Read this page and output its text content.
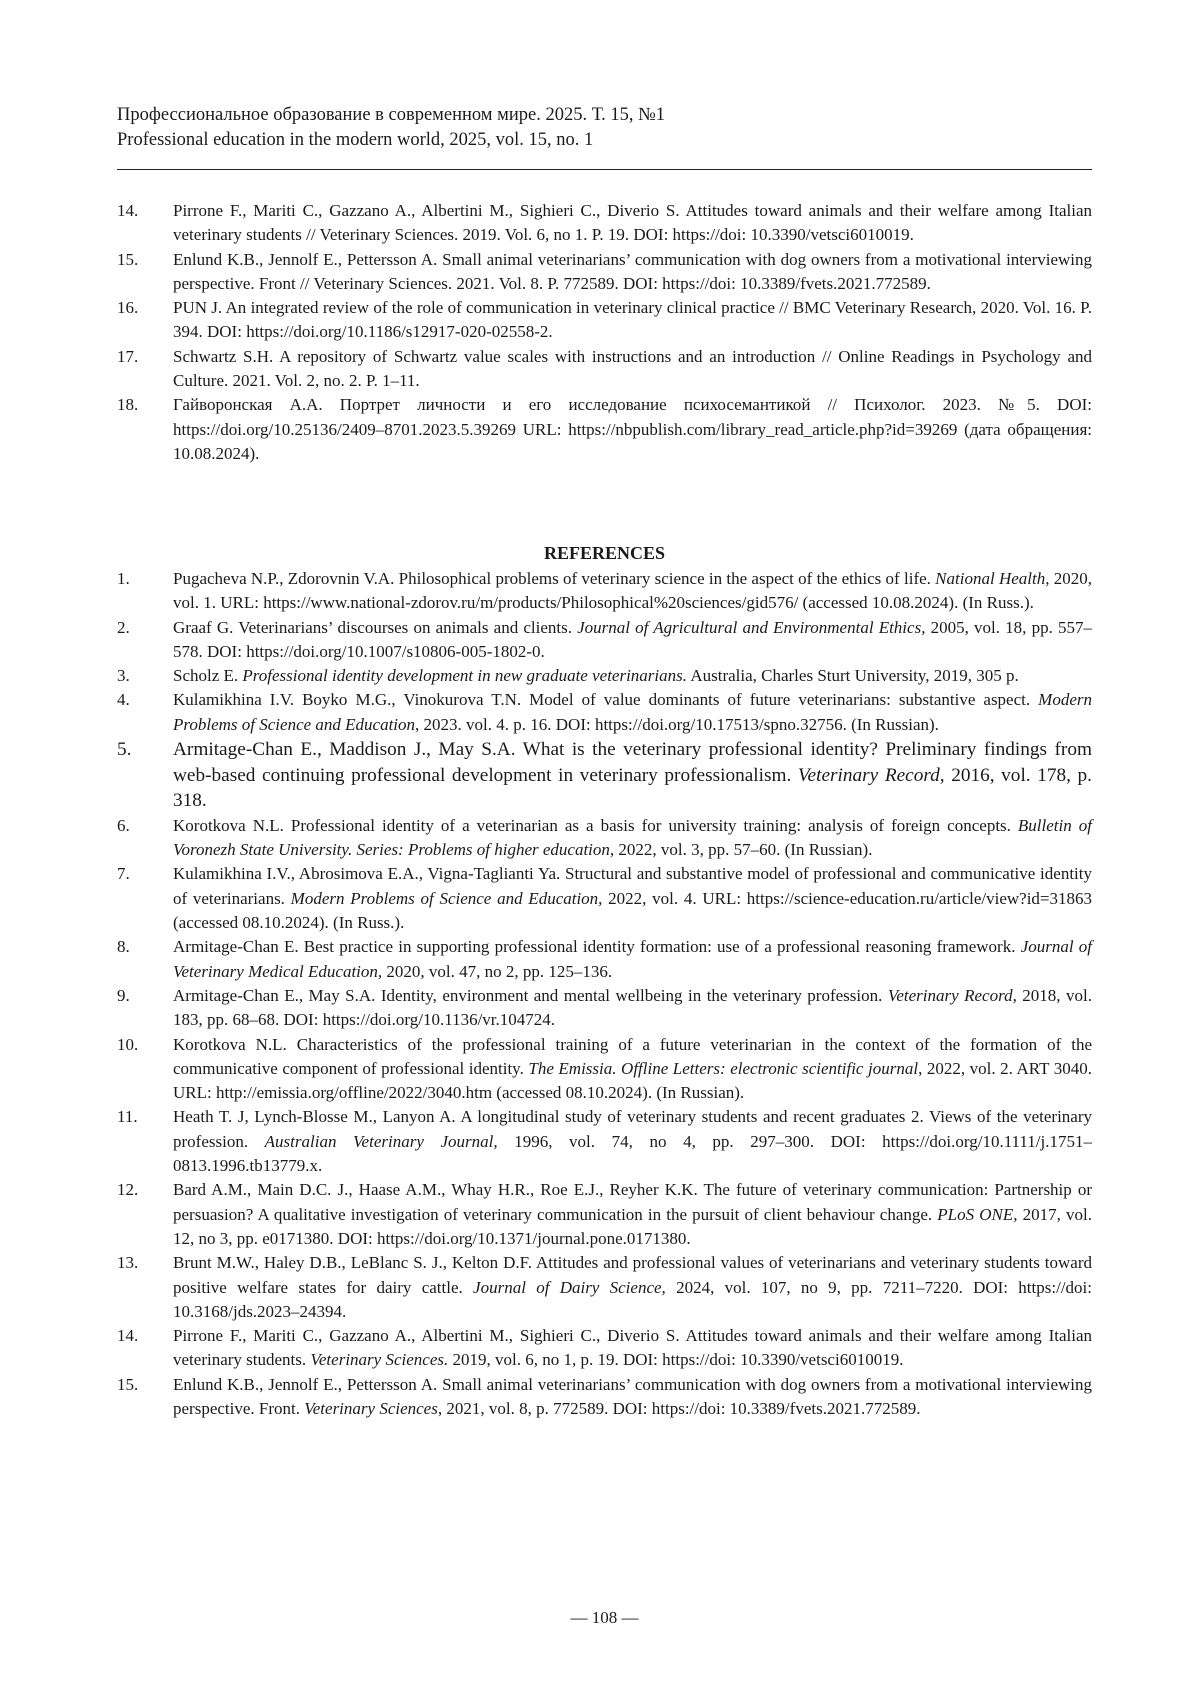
Профессиональное образование в современном мире. 2025. Т. 15, №1
Professional education in the modern world, 2025, vol. 15, no. 1

14. Pirrone F., Mariti C., Gazzano A., Albertini M., Sighieri C., Diverio S. Attitudes toward animals and their welfare among Italian veterinary students // Veterinary Sciences. 2019. Vol. 6, no 1. P. 19. DOI: https://doi: 10.3390/vetsci6010019.

15. Enlund K.B., Jennolf E., Pettersson A. Small animal veterinarians’ communication with dog owners from a motivational interviewing perspective. Front // Veterinary Sciences. 2021. Vol. 8. P. 772589. DOI: https://doi: 10.3389/fvets.2021.772589.

16. PUN J. An integrated review of the role of communication in veterinary clinical practice // BMC Veterinary Research, 2020. Vol. 16. P. 394. DOI: https://doi.org/10.1186/s12917-020-02558-2.

17. Schwartz S.H. A repository of Schwartz value scales with instructions and an introduction // Online Readings in Psychology and Culture. 2021. Vol. 2, no. 2. P. 1–11.

18. Гайворонская А.А. Портрет личности и его исследование психосемантикой // Психолог. 2023. №5. DOI: https://doi.org/10.25136/2409–8701.2023.5.39269 URL: https://nbpublish.com/library_read_article.php?id=39269 (дата обращения: 10.08.2024).

REFERENCES

1.	Pugacheva N.P., Zdorovnin V.A. Philosophical problems of veterinary science in the aspect of the ethics of life. National Health, 2020, vol. 1. URL: https://www.national-zdorov.ru/m/products/Philosophical%20sciences/gid576/ (accessed 10.08.2024). (In Russ.).

2.	Graaf G. Veterinarians’ discourses on animals and clients. Journal of Agricultural and Environmental Ethics, 2005, vol. 18, pp. 557–578. DOI: https://doi.org/10.1007/s10806-005-1802-0.

3.	Scholz E. Professional identity development in new graduate veterinarians. Australia, Charles Sturt University, 2019, 305 p.

4.	Kulamikhina I.V. Boyko M.G., Vinokurova T.N. Model of value dominants of future veterinarians: substantive aspect. Modern Problems of Science and Education, 2023. vol. 4. p. 16. DOI: https://doi.org/10.17513/spno.32756. (In Russian).

5. Armitage-Chan E., Maddison J., May S.A. What is the veterinary professional identity? Preliminary findings from web-based continuing professional development in veterinary professionalism. Veterinary Record, 2016, vol. 178, p. 318.

6.	Korotkova N.L. Professional identity of a veterinarian as a basis for university training: analysis of foreign concepts. Bulletin of Voronezh State University. Series: Problems of higher education, 2022, vol. 3, pp. 57–60. (In Russian).

7.	Kulamikhina I.V., Abrosimova E.A., Vigna-Taglianti Ya. Structural and substantive model of professional and communicative identity of veterinarians. Modern Problems of Science and Education, 2022, vol. 4. URL: https://science-education.ru/article/view?id=31863 (accessed 08.10.2024). (In Russ.).

8.	Armitage-Chan E. Best practice in supporting professional identity formation: use of a professional reasoning framework. Journal of Veterinary Medical Education, 2020, vol. 47, no 2, pp. 125–136.

9.	Armitage-Chan E., May S.A. Identity, environment and mental wellbeing in the veterinary profession. Veterinary Record, 2018, vol. 183, pp. 68–68. DOI: https://doi.org/10.1136/vr.104724.

10. Korotkova N.L. Characteristics of the professional training of a future veterinarian in the context of the formation of the communicative component of professional identity. The Emissia. Offline Letters: electronic scientific journal, 2022, vol. 2. ART 3040. URL: http://emissia.org/offline/2022/3040.htm (accessed 08.10.2024). (In Russian).

11. Heath T. J, Lynch-Blosse M., Lanyon A. A longitudinal study of veterinary students and recent graduates 2. Views of the veterinary profession. Australian Veterinary Journal, 1996, vol. 74, no 4, pp. 297–300. DOI: https://doi.org/10.1111/j.1751–0813.1996.tb13779.x.

12. Bard A.M., Main D.C. J., Haase A.M., Whay H.R., Roe E.J., Reyher K.K. The future of veterinary communication: Partnership or persuasion? A qualitative investigation of veterinary communication in the pursuit of client behaviour change. PLoS ONE, 2017, vol. 12, no 3, pp. e0171380. DOI: https://doi.org/10.1371/journal.pone.0171380.

13. Brunt M.W., Haley D.B., LeBlanc S. J., Kelton D.F. Attitudes and professional values of veterinarians and veterinary students toward positive welfare states for dairy cattle. Journal of Dairy Science, 2024, vol. 107, no 9, pp. 7211–7220. DOI: https://doi: 10.3168/jds.2023–24394.

14. Pirrone F., Mariti C., Gazzano A., Albertini M., Sighieri C., Diverio S. Attitudes toward animals and their welfare among Italian veterinary students. Veterinary Sciences. 2019, vol. 6, no 1, p. 19. DOI: https://doi: 10.3390/vetsci6010019.

15. Enlund K.B., Jennolf E., Pettersson A. Small animal veterinarians’ communication with dog owners from a motivational interviewing perspective. Front. Veterinary Sciences, 2021, vol. 8, p. 772589. DOI: https://doi: 10.3389/fvets.2021.772589.

— 108 —
